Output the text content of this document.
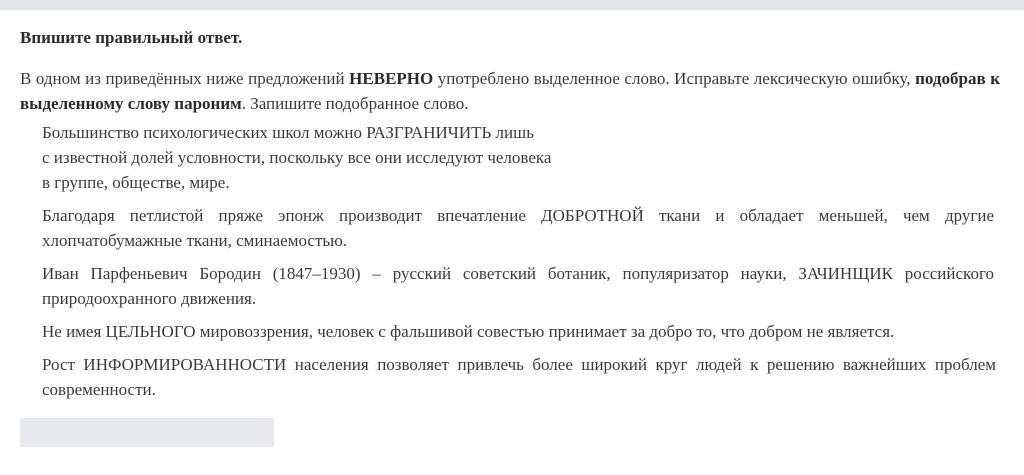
Впишите правильный ответ.
В одном из приведённых ниже предложений НЕВЕРНО употреблено выделенное слово. Исправьте лексическую ошибку, подобрав к выделенному слову пароним. Запишите подобранное слово.
Большинство психологических школ можно РАЗГРАНИЧИТЬ лишь
с известной долей условности, поскольку все они исследуют человека
в группе, обществе, мире.
Благодаря петлистой пряже эпонж производит впечатление ДОБРОТНОЙ ткани и обладает меньшей, чем другие хлопчатобумажные ткани, сминаемостью.
Иван Парфеньевич Бородин (1847–1930) – русский советский ботаник, популяризатор науки, ЗАЧИНЩИК российского природоохранного движения.
Не имея ЦЕЛЬНОГО мировоззрения, человек с фальшивой совестью принимает за добро то, что добром не является.
Рост ИНФОРМИРОВАННОСТИ населения позволяет привлечь более широкий круг людей к решению важнейших проблем современности.
